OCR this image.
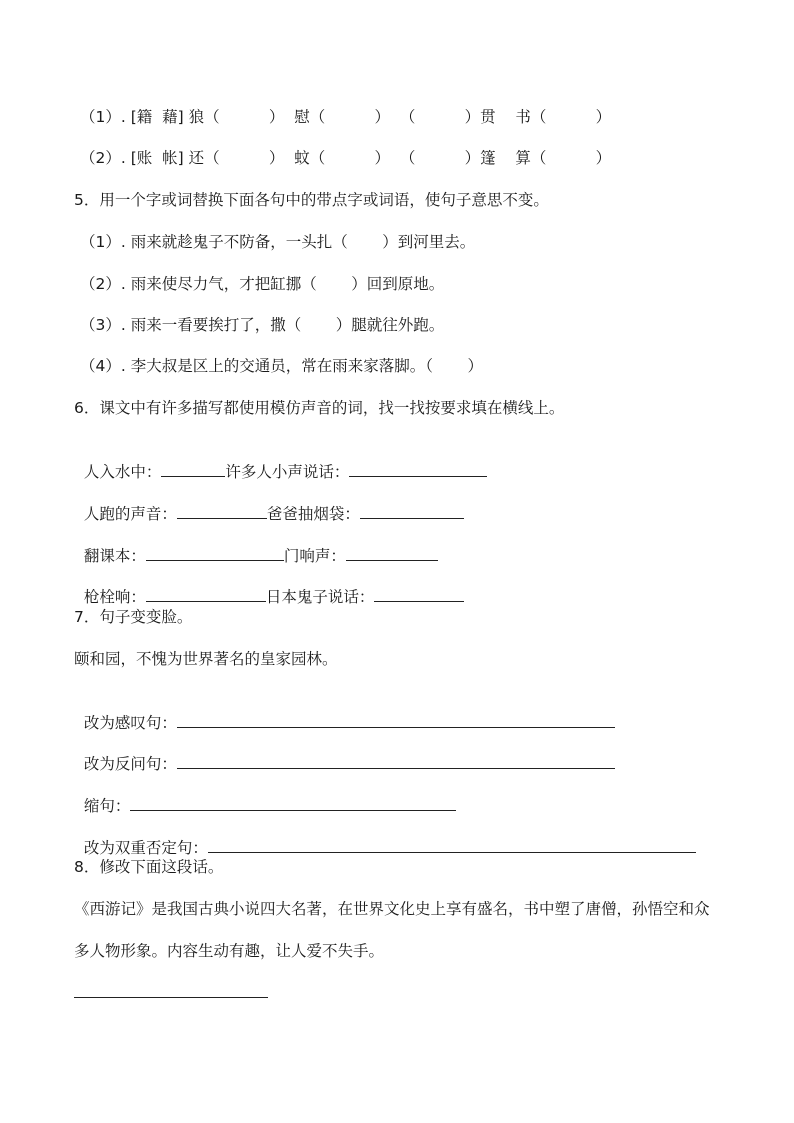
（1）. [籍  藉] 狼（          ）  慰（          ）  （          ）贯    书（          ）
（2）. [账  帐] 还（          ）  蚊（          ）  （          ）篷    算（          ）
5．用一个字或词替换下面各句中的带点字或词语，使句子意思不变。
（1）. 雨来就趁鬼子不防备，一头扎（       ）到河里去。
（2）. 雨来使尽力气，才把缸挪（       ）回到原地。
（3）. 雨来一看要挨打了，撒（       ）腿就往外跑。
（4）. 李大叔是区上的交通员，常在雨来家落脚。（       ）
6．课文中有许多描写都使用模仿声音的词，找一找按要求填在横线上。

人入水中：	许多人小声说话：

人跑的声音：	爸爸抽烟袋：

翻课本：	门响声：

枪栓响：	日本鬼子说话：

7．句子变变脸。
颐和园，不愧为世界著名的皇家园林。

改为感叹句：

改为反问句：

缩句：

改为双重否定句：

8．修改下面这段话。
《西游记》是我国古典小说四大名著，在世界文化史上享有盛名，书中塑了唐僧，孙悟空和众多人物形象。内容生动有趣，让人爱不失手。
